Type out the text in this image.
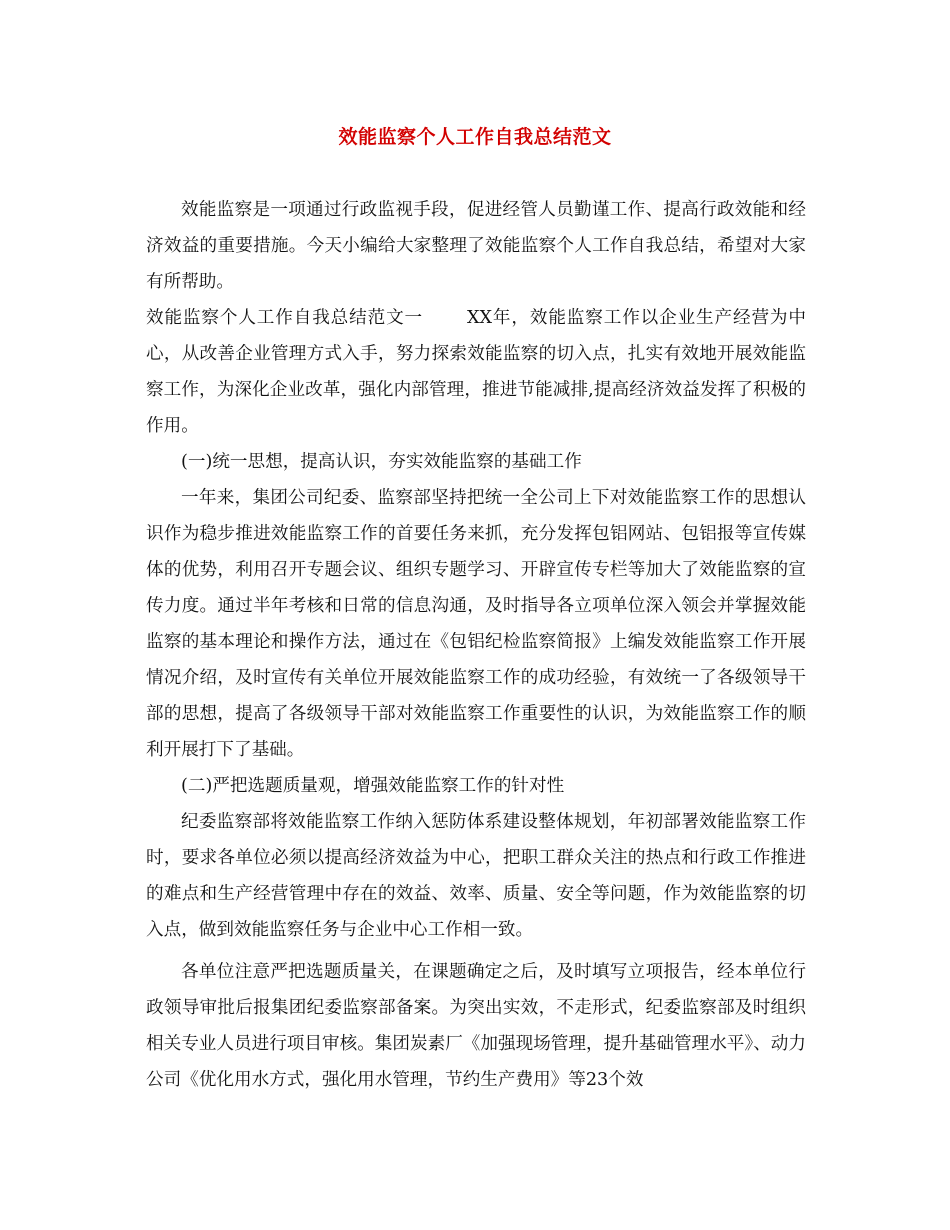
效能监察个人工作自我总结范文

效能监察是一项通过行政监视手段，促进经管人员勤谨工作、提高行政效能和经济效益的重要措施。今天小编给大家整理了效能监察个人工作自我总结，希望对大家有所帮助。

效能监察个人工作自我总结范文一	XX年，效能监察工作以企业生产经营为中心，从改善企业管理方式入手，努力探索效能监察的切入点，扎实有效地开展效能监察工作，为深化企业改革，强化内部管理，推进节能减排,提高经济效益发挥了积极的作用。

(一)统一思想，提高认识，夯实效能监察的基础工作

一年来，集团公司纪委、监察部坚持把统一全公司上下对效能监察工作的思想认识作为稳步推进效能监察工作的首要任务来抓，充分发挥包铝网站、包铝报等宣传媒体的优势，利用召开专题会议、组织专题学习、开辟宣传专栏等加大了效能监察的宣传力度。通过半年考核和日常的信息沟通，及时指导各立项单位深入领会并掌握效能监察的基本理论和操作方法，通过在《包铝纪检监察简报》上编发效能监察工作开展情况介绍，及时宣传有关单位开展效能监察工作的成功经验，有效统一了各级领导干部的思想，提高了各级领导干部对效能监察工作重要性的认识，为效能监察工作的顺利开展打下了基础。

(二)严把选题质量观，增强效能监察工作的针对性

纪委监察部将效能监察工作纳入惩防体系建设整体规划，年初部署效能监察工作时，要求各单位必须以提高经济效益为中心，把职工群众关注的热点和行政工作推进的难点和生产经营管理中存在的效益、效率、质量、安全等问题，作为效能监察的切入点，做到效能监察任务与企业中心工作相一致。

各单位注意严把选题质量关，在课题确定之后，及时填写立项报告，经本单位行政领导审批后报集团纪委监察部备案。为突出实效，不走形式，纪委监察部及时组织相关专业人员进行项目审核。集团炭素厂《加强现场管理，提升基础管理水平》、动力公司《优化用水方式，强化用水管理，节约生产费用》等23个效
